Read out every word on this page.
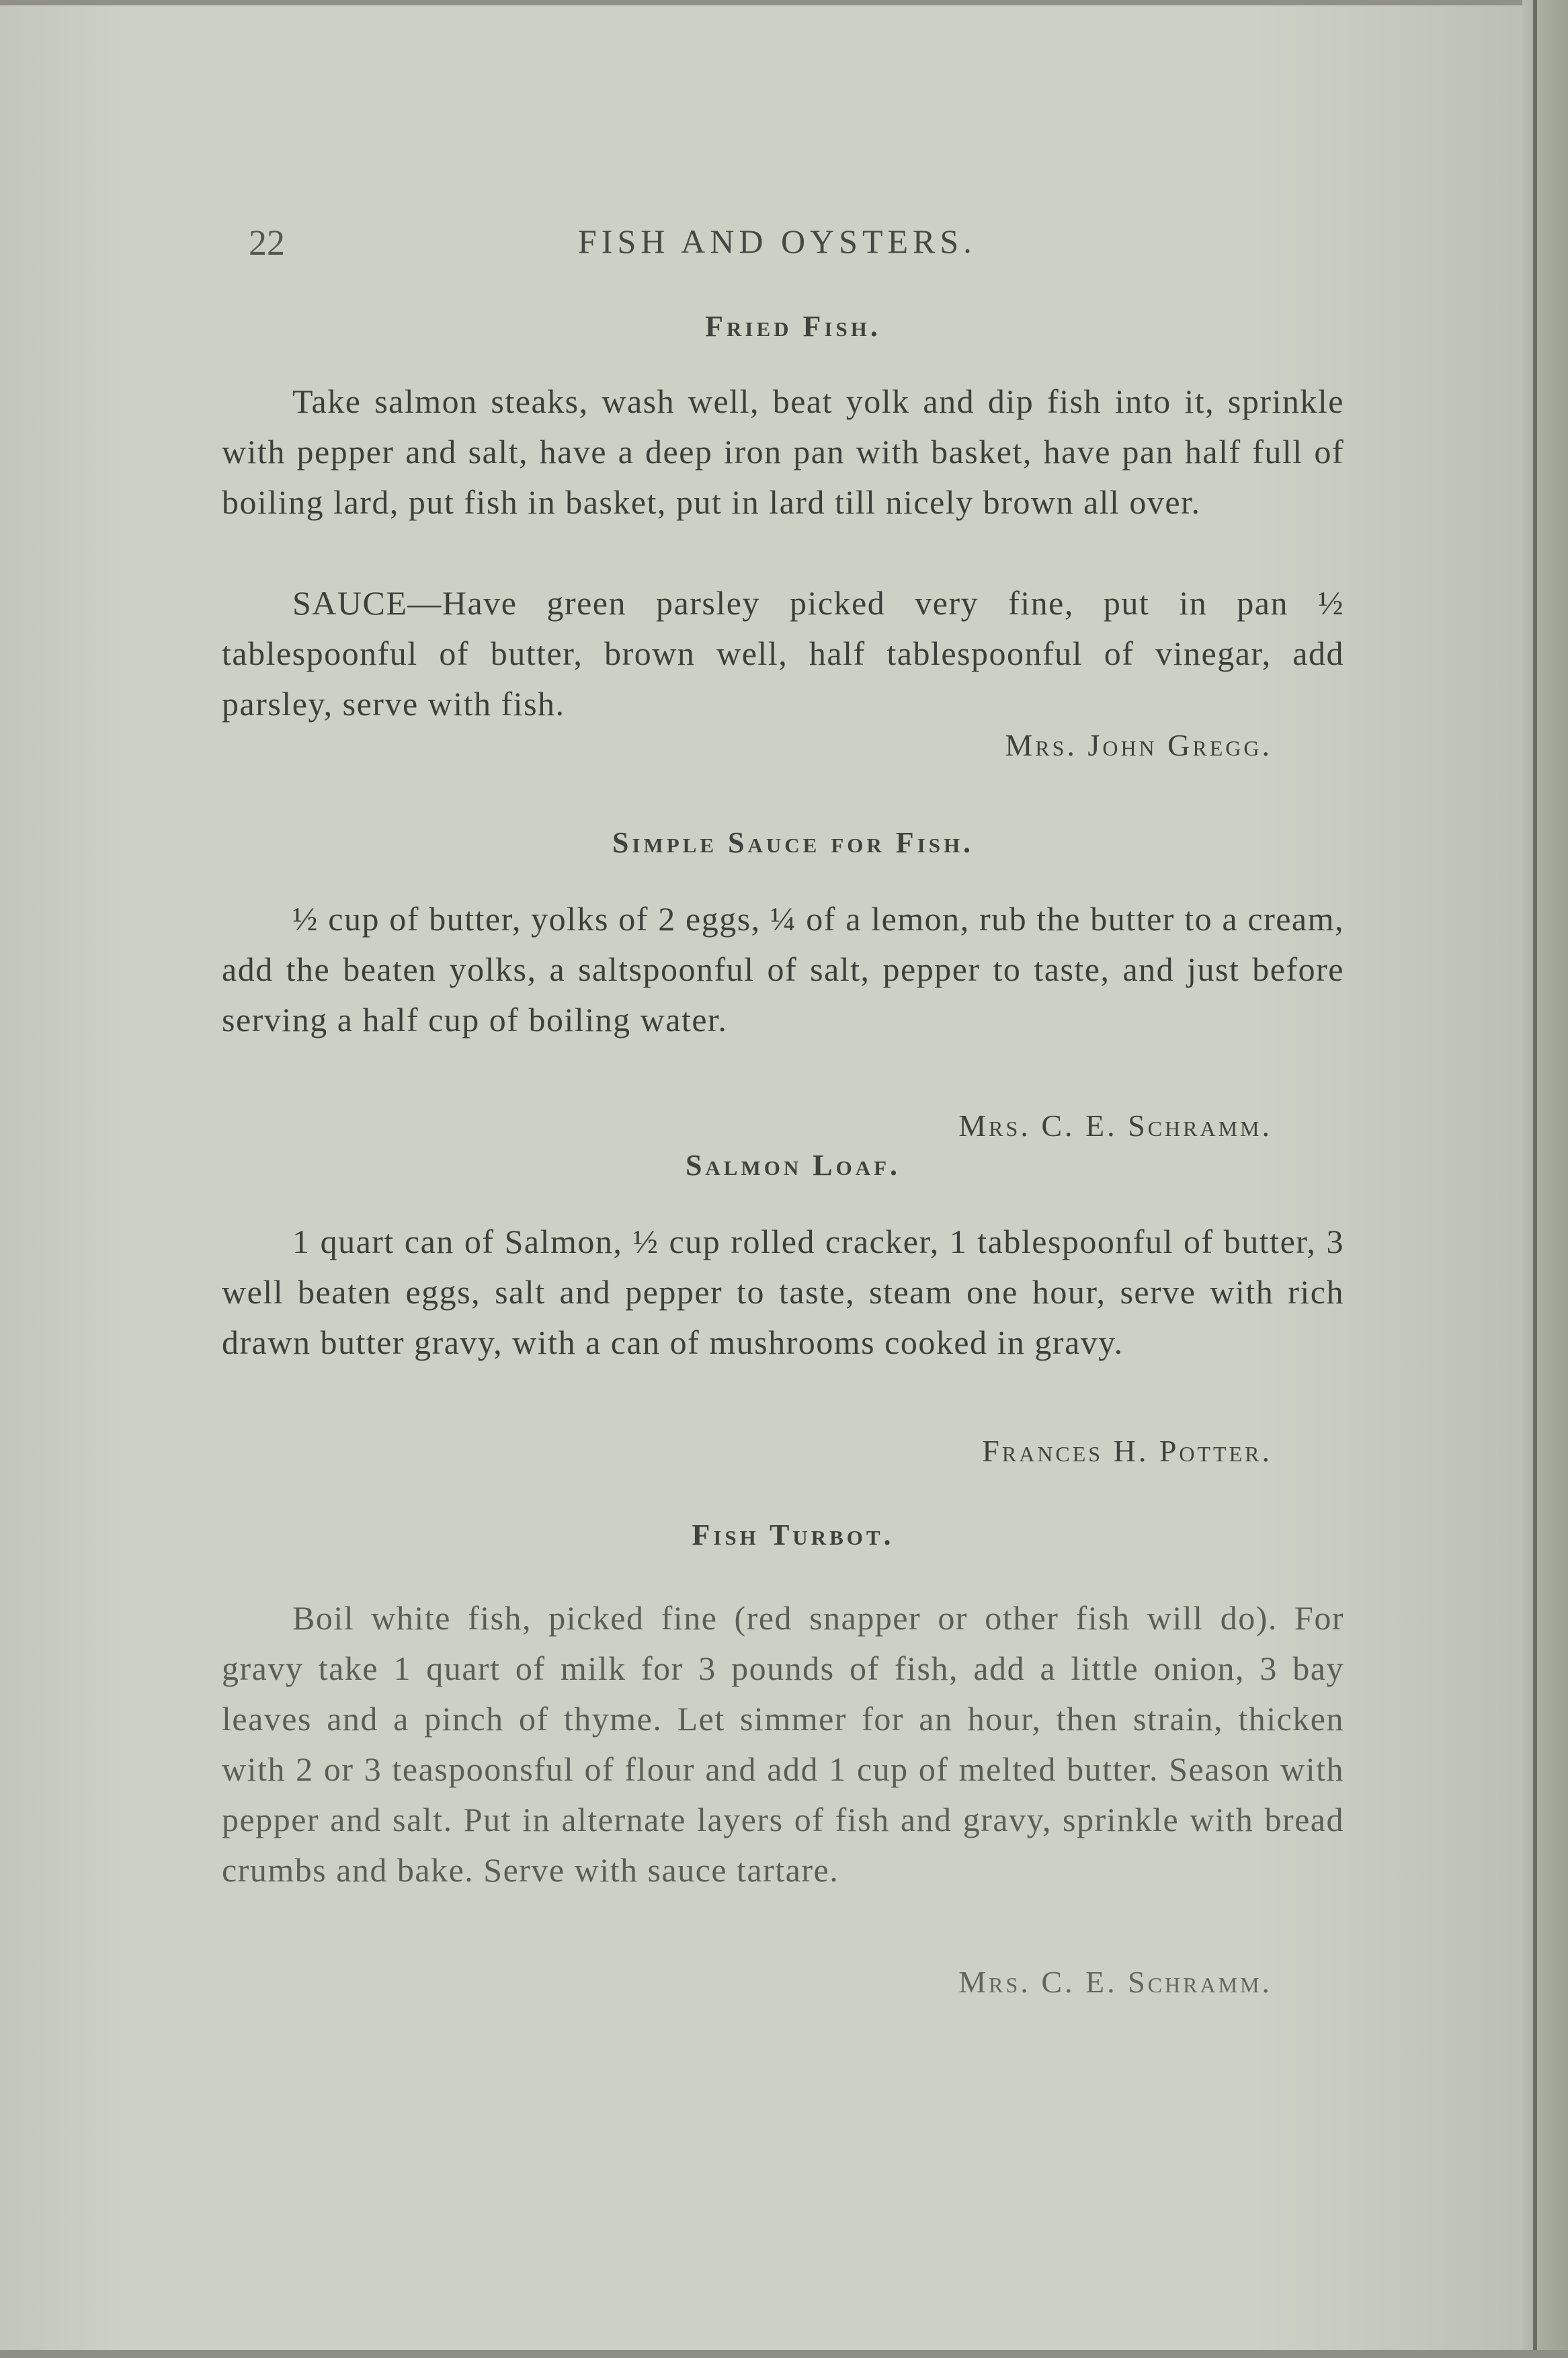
22	FISH AND OYSTERS.
Fried Fish.

Take salmon steaks, wash well, beat yolk and dip fish into it, sprinkle with pepper and salt, have a deep iron pan with basket, have pan half full of boiling lard, put fish in basket, put in lard till nicely brown all over.

SAUCE—Have green parsley picked very fine, put in pan ½ tablespoonful of butter, brown well, half tablespoonful of vinegar, add parsley, serve with fish.

Mrs. John Gregg.
Simple Sauce for Fish.

½ cup of butter, yolks of 2 eggs, ¼ of a lemon, rub the butter to a cream, add the beaten yolks, a saltspoonful of salt, pepper to taste, and just before serving a half cup of boiling water.

Mrs. C. E. Schramm.
Salmon Loaf.

1 quart can of Salmon, ½ cup rolled cracker, 1 tablespoonful of butter, 3 well beaten eggs, salt and pepper to taste, steam one hour, serve with rich drawn butter gravy, with a can of mushrooms cooked in gravy.

Frances H. Potter.
Fish Turbot.

Boil white fish, picked fine (red snapper or other fish will do). For gravy take 1 quart of milk for 3 pounds of fish, add a little onion, 3 bay leaves and a pinch of thyme. Let simmer for an hour, then strain, thicken with 2 or 3 teaspoonsful of flour and add 1 cup of melted butter. Season with pepper and salt. Put in alternate layers of fish and gravy, sprinkle with bread crumbs and bake. Serve with sauce tartare.

Mrs. C. E. Schramm.
